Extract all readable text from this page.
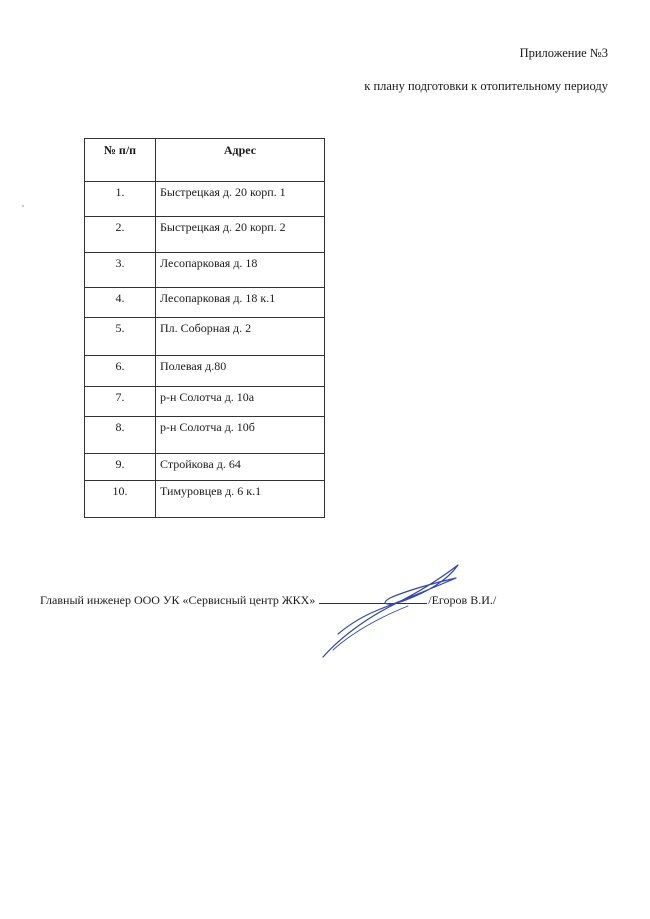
Приложение №3
к плану подготовки к отопительному периоду
№ п/п	Адрес
1.	Быстрецкая д. 20 корп. 1
2.	Быстрецкая д. 20 корп. 2
3.	Лесопарковая д. 18
4.	Лесопарковая д. 18 к.1
5.	Пл. Соборная д. 2
6.	Полевая д.80
7.	р-н Солотча д. 10а
8.	р-н Солотча д. 10б
9.	Стройкова д. 64
10.	Тимуровцев д. 6 к.1
Главный инженер ООО УК «Сервисный центр ЖКХ»	/Егоров В.И./
